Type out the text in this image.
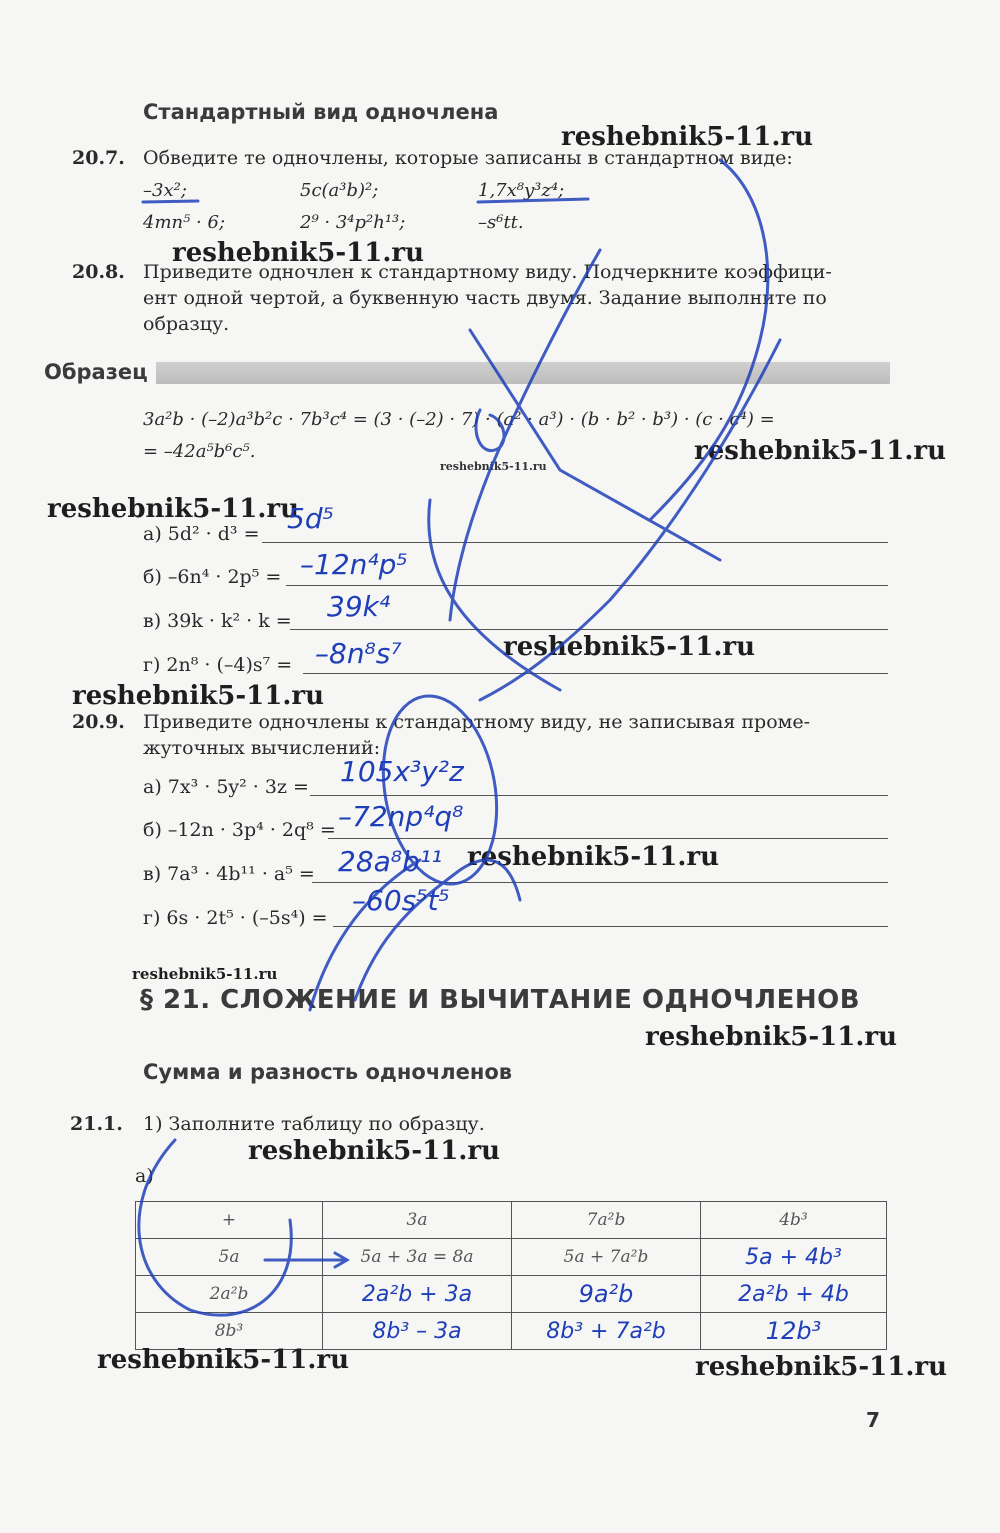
Стандартный вид одночлена
reshebnik5-11.ru
20.7. Обведите те одночлены, которые записаны в стандартном виде:
–3x²;	5c(a³b)²;	1,7x⁸y³z⁴;
4mn⁵ · 6;	2⁹ · 3⁴p²h¹³;	–s⁶tt.
reshebnik5-11.ru
20.8. Приведите одночлен к стандартному виду. Подчеркните коэффици-
ент одной чертой, а буквенную часть двумя. Задание выполните по
образцу.
Образец
3a²b · (–2)a³b²c · 7b³c⁴ = (3 · (–2) · 7) · (a² · a³) · (b · b² · b³) · (c · c⁴) =
= –42a⁵b⁶c⁵.	reshebnik5-11.ru
reshebnik5-11.ru
reshebnik5-11.ru
а) 5d² · d³ = 5d⁵
б) –6n⁴ · 2p⁵ = –12n⁴p⁵
в) 39k · k² · k = 39k⁴
г) 2n⁸ · (–4)s⁷ = –8n⁸s⁷	reshebnik5-11.ru
reshebnik5-11.ru
20.9. Приведите одночлены к стандартному виду, не записывая проме-
жуточных вычислений:
а) 7x³ · 5y² · 3z = 105x³y²z
б) –12n · 3p⁴ · 2q⁸ = –72np⁴q⁸
в) 7a³ · 4b¹¹ · a⁵ = 28a⁸b¹¹ reshebnik5-11.ru
г) 6s · 2t⁵ · (–5s⁴) =
–60s⁵t⁵
reshebnik5-11.ru
§ 21. СЛОЖЕНИЕ И ВЫЧИТАНИЕ ОДНОЧЛЕНОВ
reshebnik5-11.ru
Сумма и разность одночленов
21.1. 1) Заполните таблицу по образцу.
reshebnik5-11.ru
а)
+	3a	7a²b	4b³
5a	5a + 3a = 8a	5a + 7a²b	5a + 4b³
2a²b	2a²b + 3a	9a²b	2a²b + 4b
8b³	8b³ – 3a	8b³ + 7a²b	12b³
reshebnik5-11.ru	reshebnik5-11.ru
7
